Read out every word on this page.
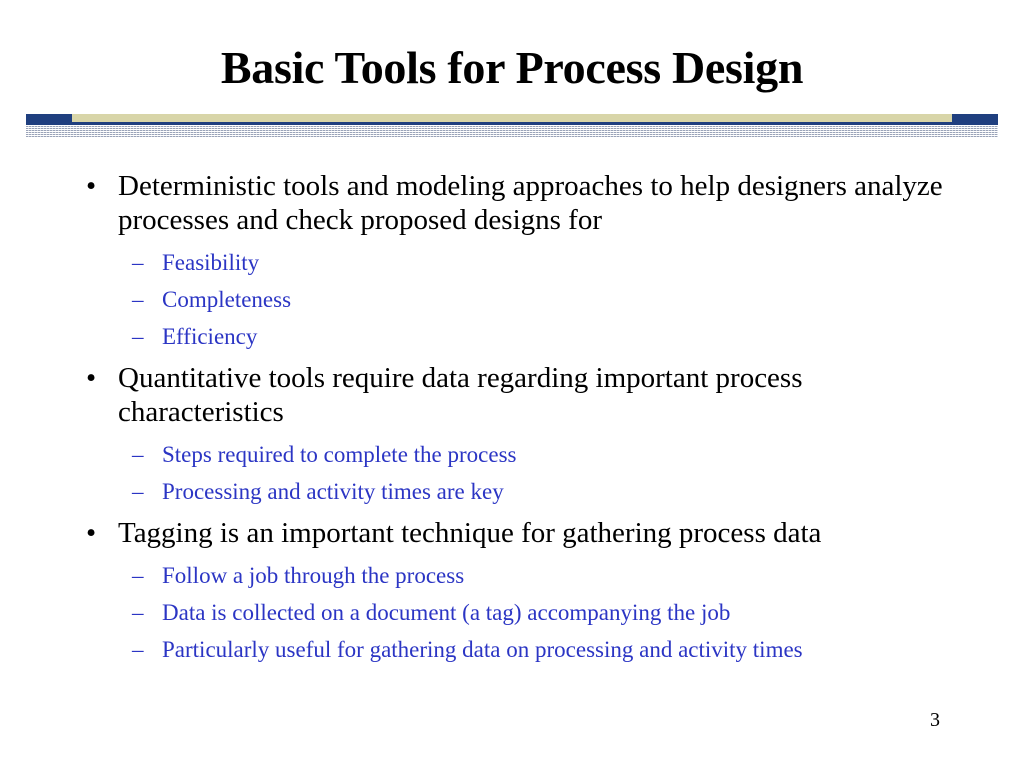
Basic Tools for Process Design
• Deterministic tools and modeling approaches to help designers analyze processes and check proposed designs for
– Feasibility
– Completeness
– Efficiency
• Quantitative tools require data regarding important process characteristics
– Steps required to complete the process
– Processing and activity times are key
• Tagging is an important technique for gathering process data
– Follow a job through the process
– Data is collected on a document (a tag) accompanying the job
– Particularly useful for gathering data on processing and activity times
3
